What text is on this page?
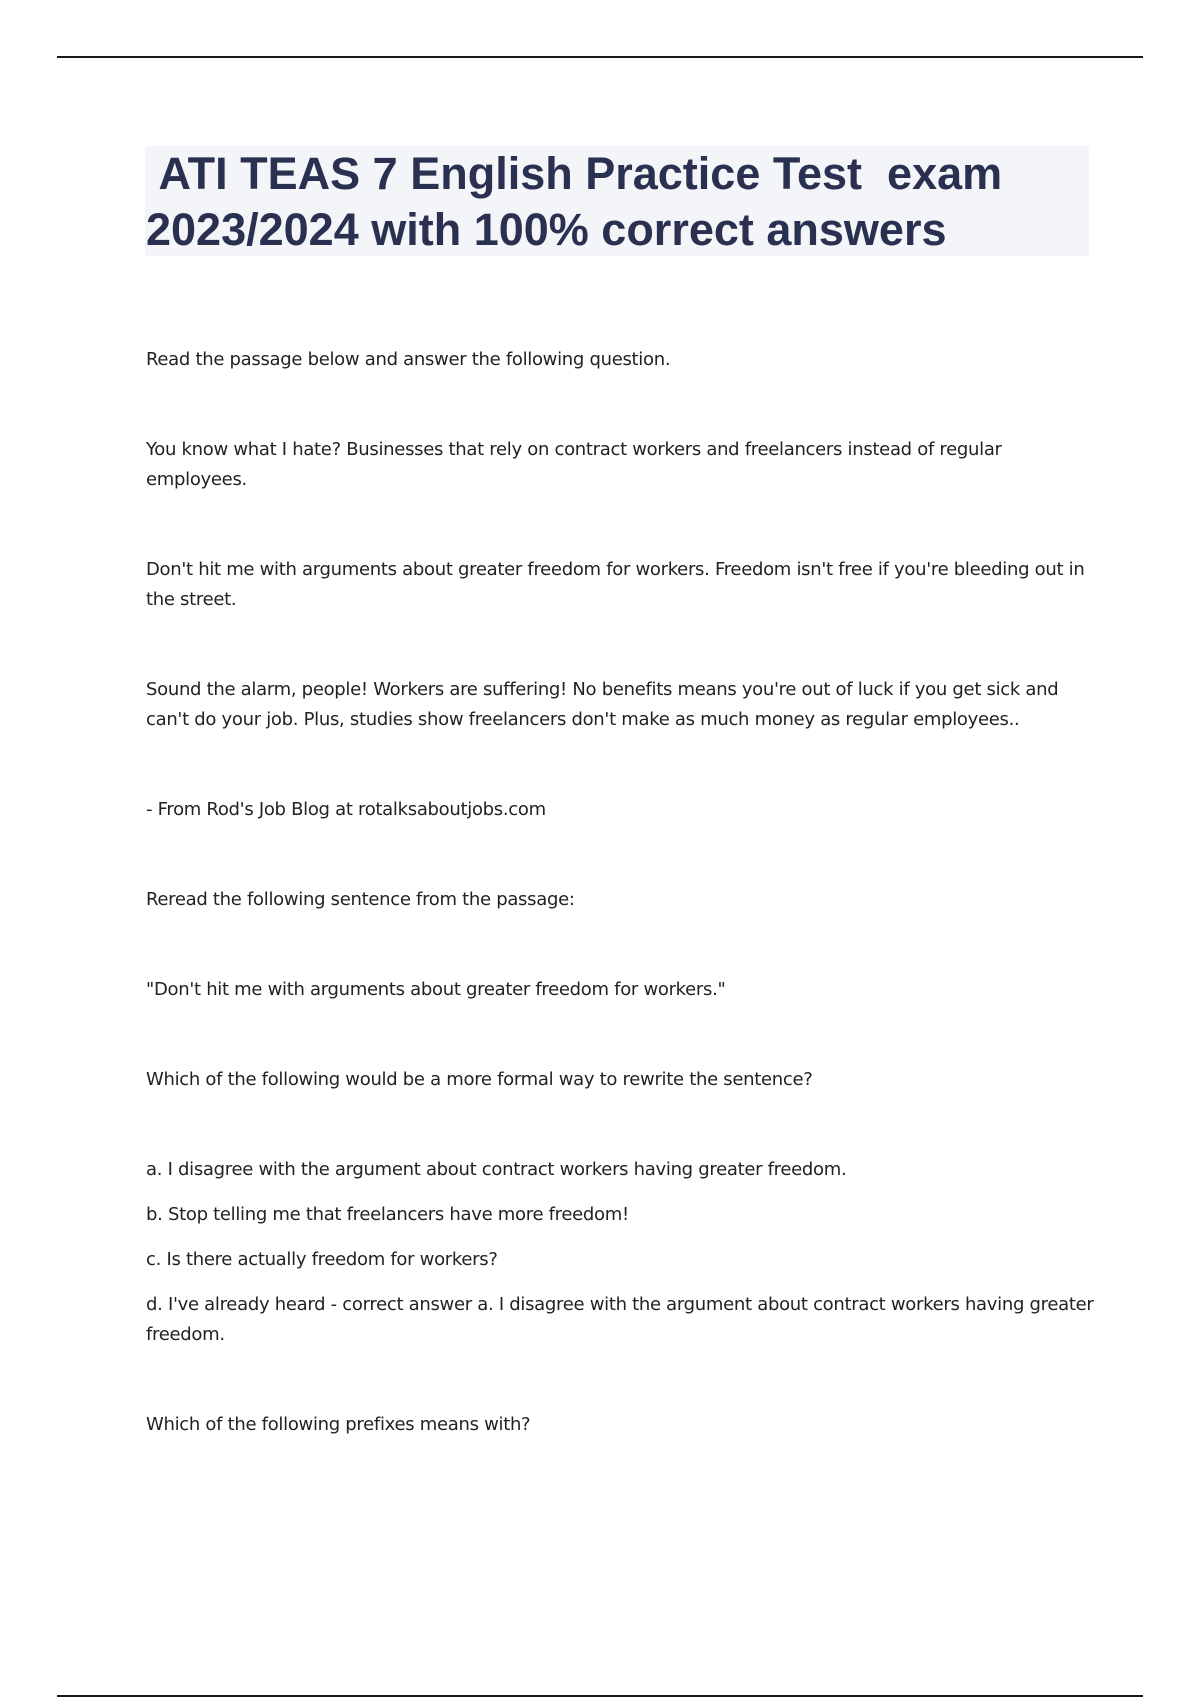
ATI TEAS 7 English Practice Test  exam 2023/2024 with 100% correct answers

Read the passage below and answer the following question.

You know what I hate? Businesses that rely on contract workers and freelancers instead of regular employees.

Don't hit me with arguments about greater freedom for workers. Freedom isn't free if you're bleeding out in the street.

Sound the alarm, people! Workers are suffering! No benefits means you're out of luck if you get sick and can't do your job. Plus, studies show freelancers don't make as much money as regular employees..

- From Rod's Job Blog at rotalksaboutjobs.com

Reread the following sentence from the passage:

"Don't hit me with arguments about greater freedom for workers."

Which of the following would be a more formal way to rewrite the sentence?

a. I disagree with the argument about contract workers having greater freedom.

b. Stop telling me that freelancers have more freedom!

c. Is there actually freedom for workers?

d. I've already heard - correct answer a. I disagree with the argument about contract workers having greater freedom.

Which of the following prefixes means with?
